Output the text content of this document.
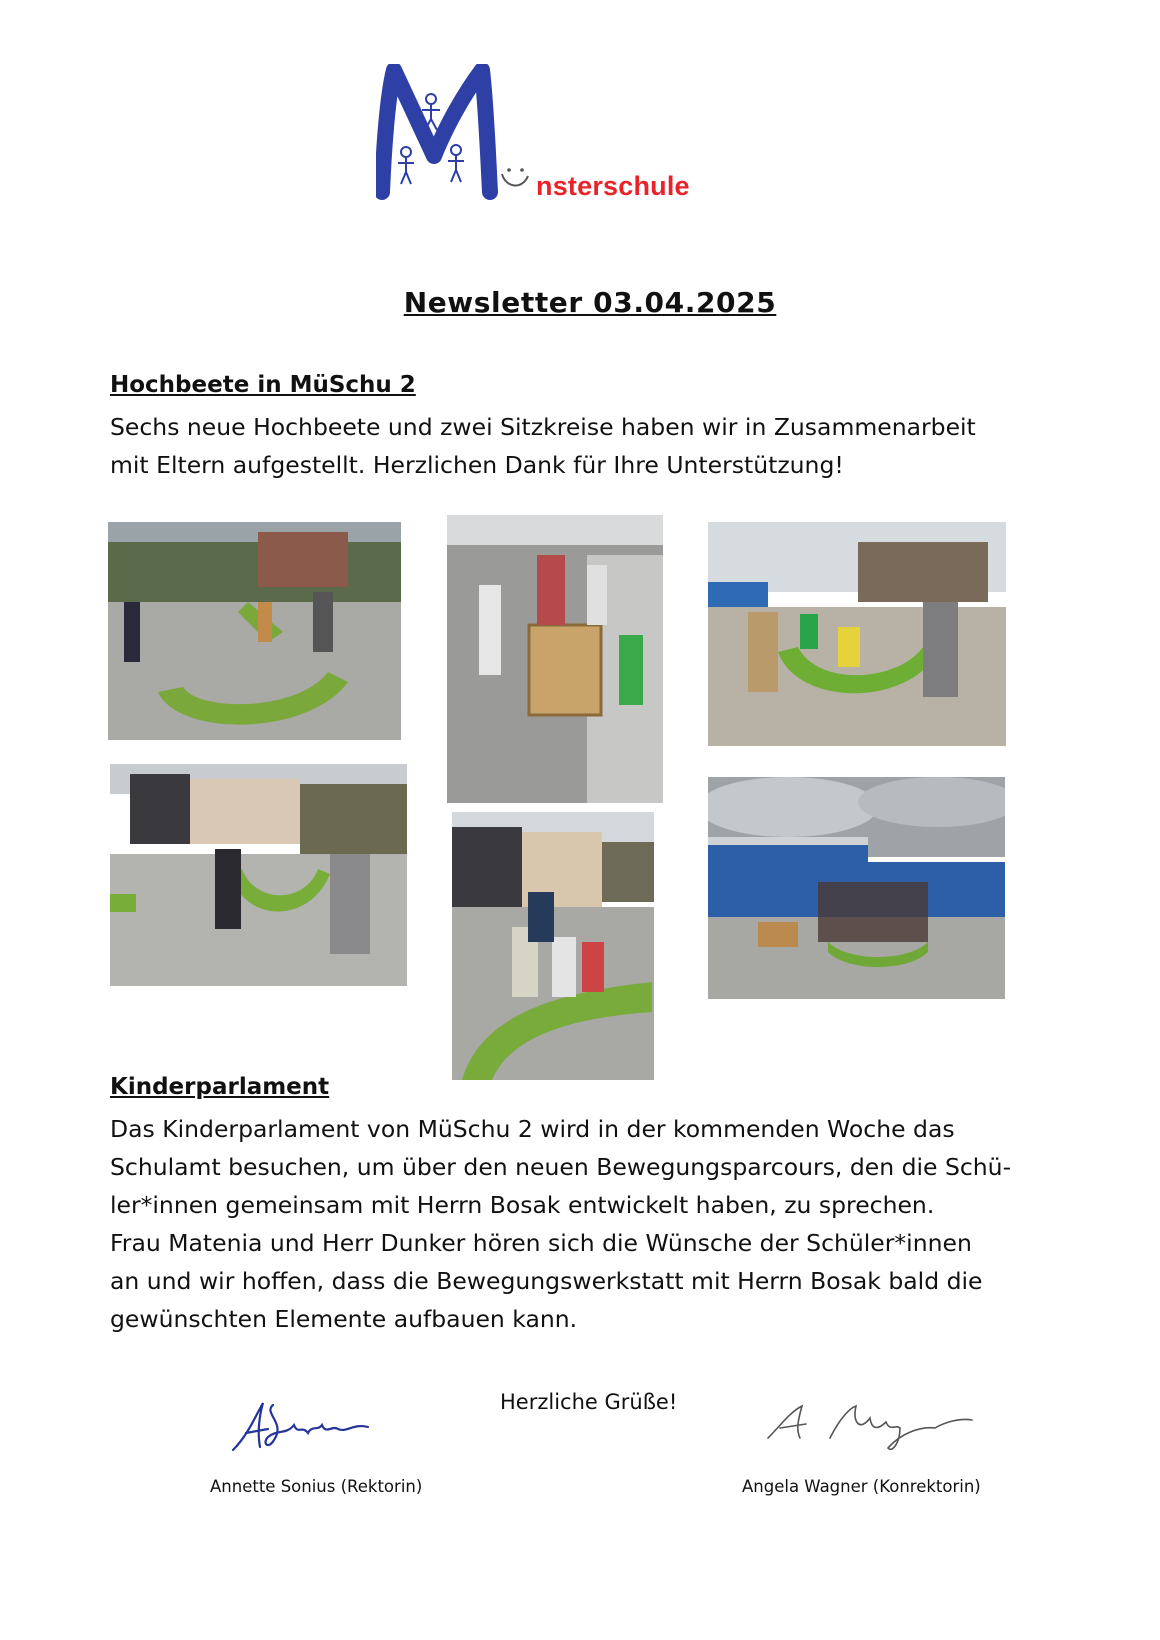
nsterschule
Newsletter 03.04.2025
Hochbeete in MüSchu 2

Sechs neue Hochbeete und zwei Sitzkreise haben wir in Zusammenarbeit

mit Eltern aufgestellt. Herzlichen Dank für Ihre Unterstützung!

Kinderparlament

Das Kinderparlament von MüSchu 2 wird in der kommenden Woche das

Schulamt besuchen, um über den neuen Bewegungsparcours, den die Schü-

ler*innen gemeinsam mit Herrn Bosak entwickelt haben, zu sprechen.

Frau Matenia und Herr Dunker hören sich die Wünsche der Schüler*innen

an und wir hoffen, dass die Bewegungswerkstatt mit Herrn Bosak bald die

gewünschten Elemente aufbauen kann.

Herzliche Grüße!
Annette Sonius (Rektorin)	Angela Wagner (Konrektorin)
